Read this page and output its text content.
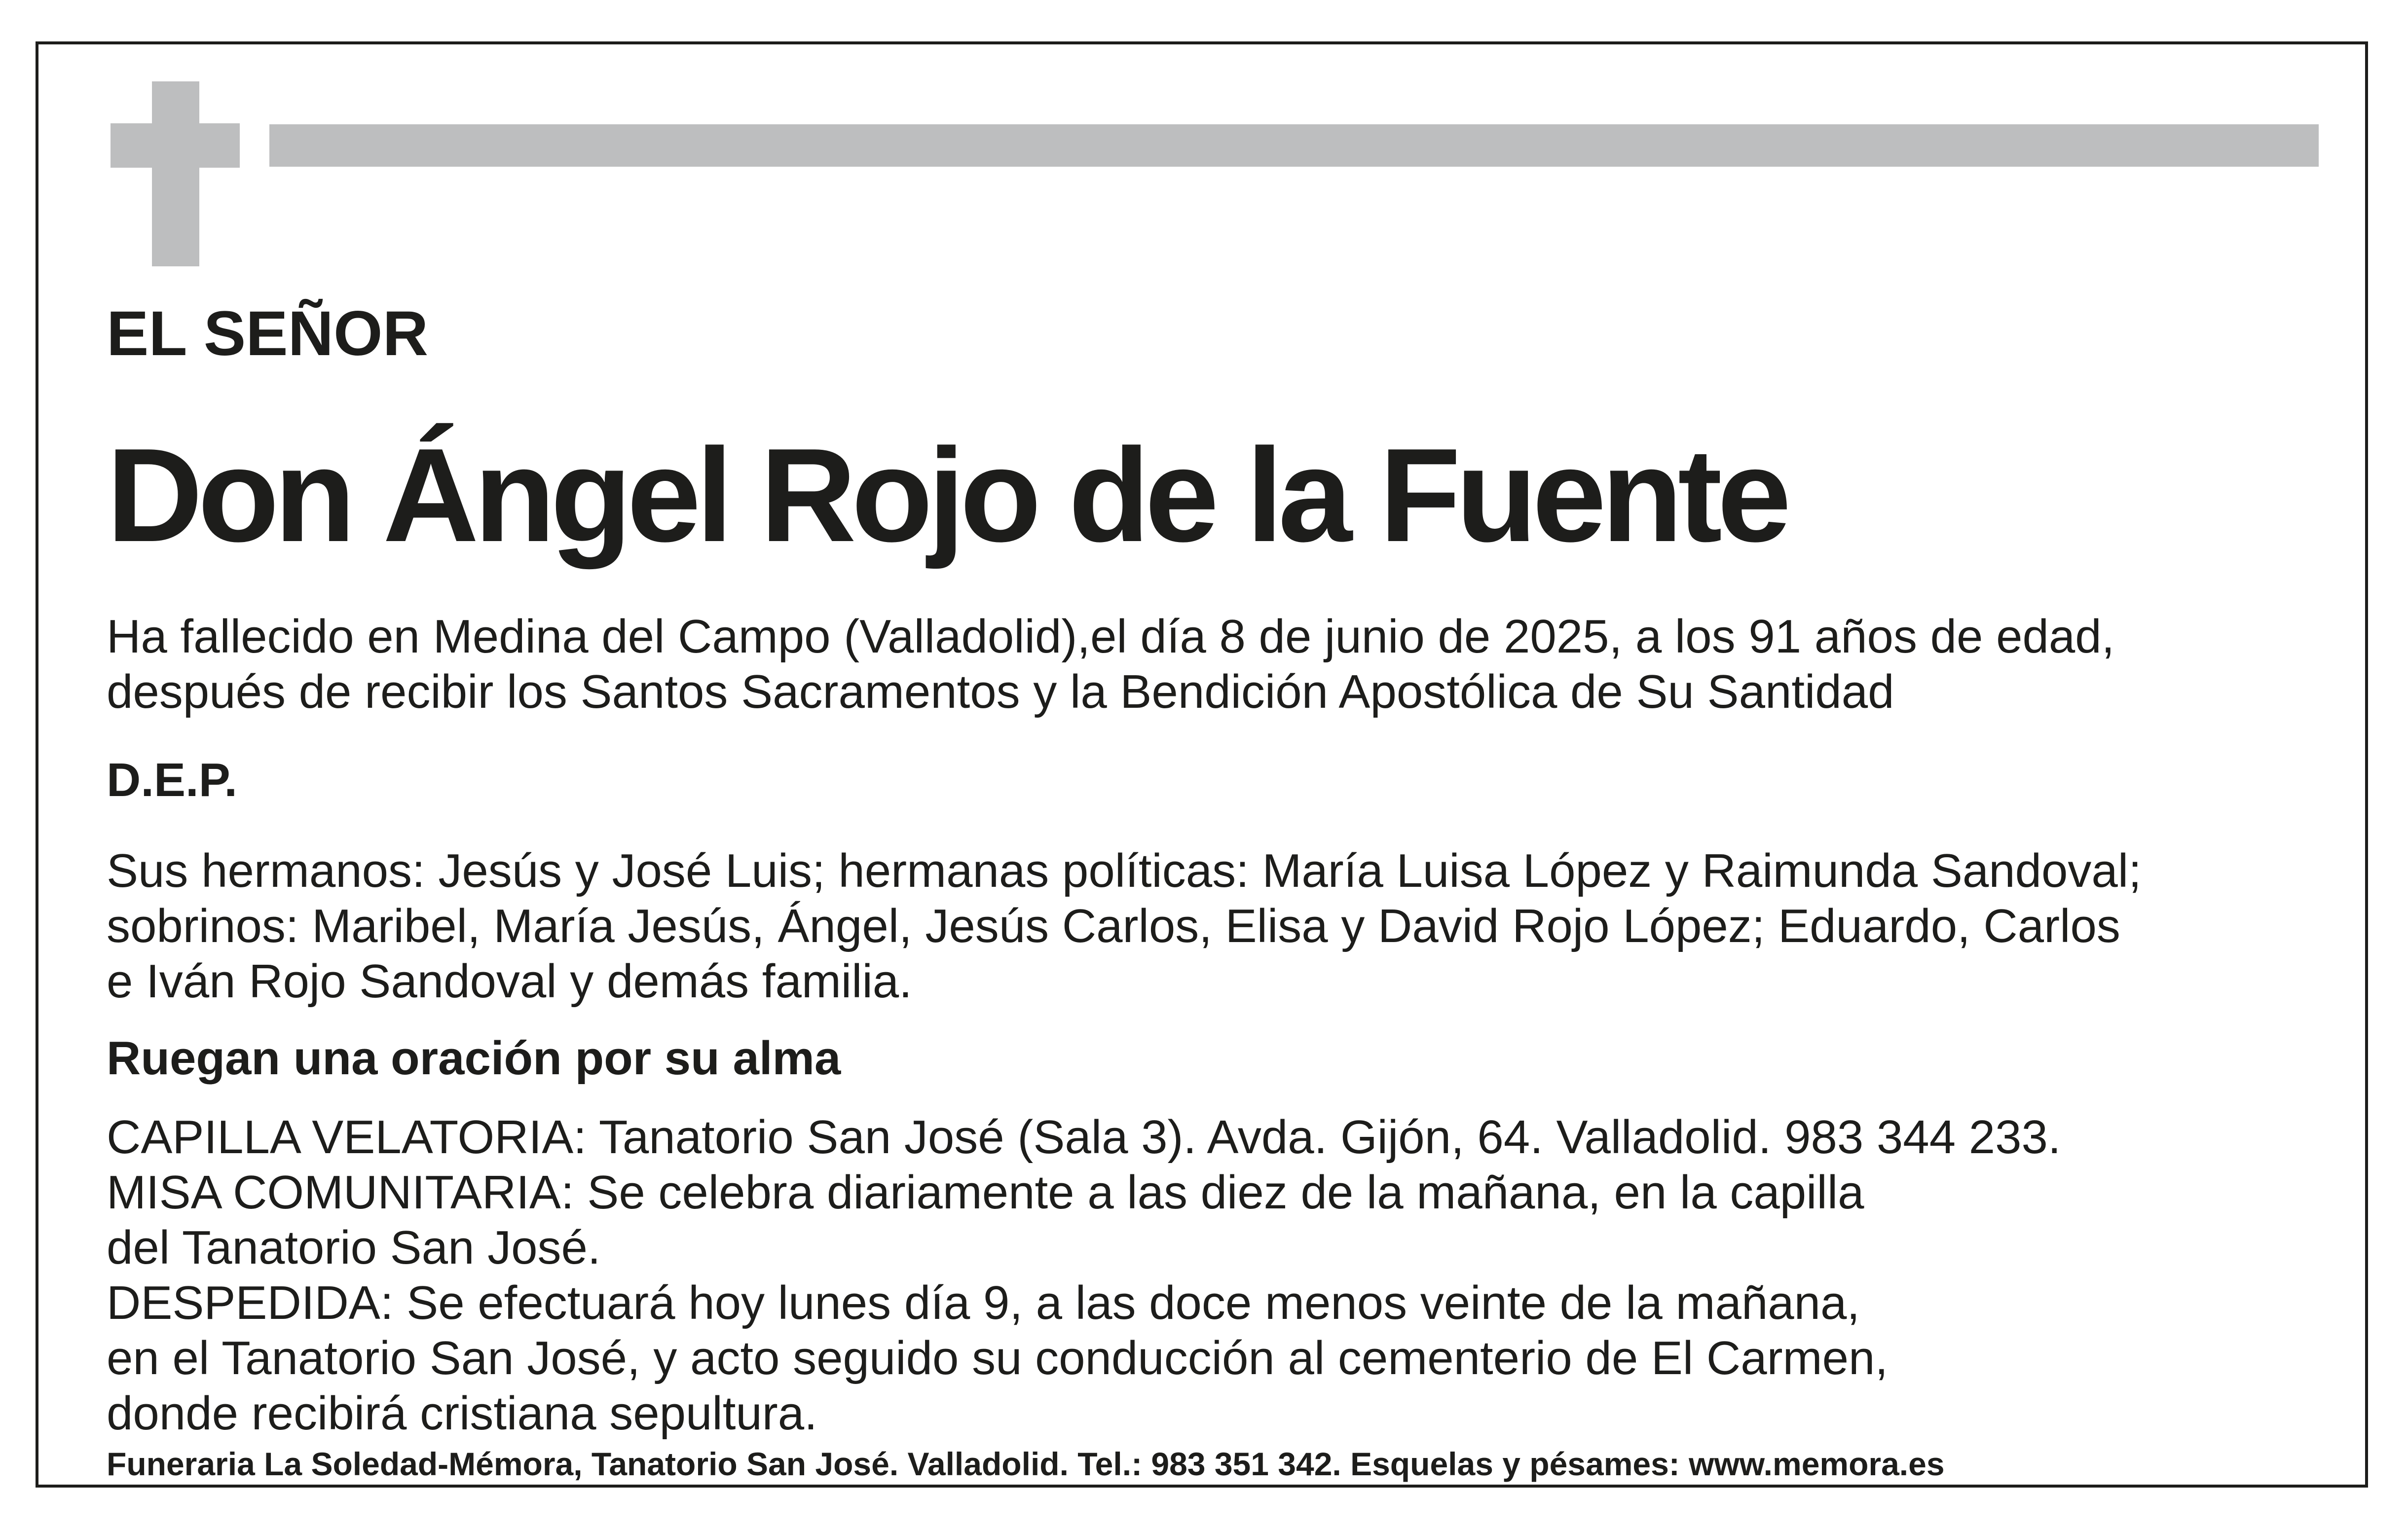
EL SEÑOR
Don Ángel Rojo de la Fuente
Ha fallecido en Medina del Campo (Valladolid),el día 8 de junio de 2025, a los 91 años de edad,
después de recibir los Santos Sacramentos y la Bendición Apostólica de Su Santidad
D.E.P.
Sus hermanos: Jesús y José Luis; hermanas políticas: María Luisa López y Raimunda Sandoval;
sobrinos: Maribel, María Jesús, Ángel, Jesús Carlos, Elisa y David Rojo López; Eduardo, Carlos
e Iván Rojo Sandoval y demás familia.
Ruegan una oración por su alma
CAPILLA VELATORIA: Tanatorio San José (Sala 3). Avda. Gijón, 64. Valladolid. 983 344 233.
MISA COMUNITARIA: Se celebra diariamente a las diez de la mañana, en la capilla
del Tanatorio San José.
DESPEDIDA: Se efectuará hoy lunes día 9, a las doce menos veinte de la mañana,
en el Tanatorio San José, y acto seguido su conducción al cementerio de El Carmen,
donde recibirá cristiana sepultura.
Funeraria La Soledad-Mémora, Tanatorio San José. Valladolid. Tel.: 983 351 342. Esquelas y pésames: www.memora.es
